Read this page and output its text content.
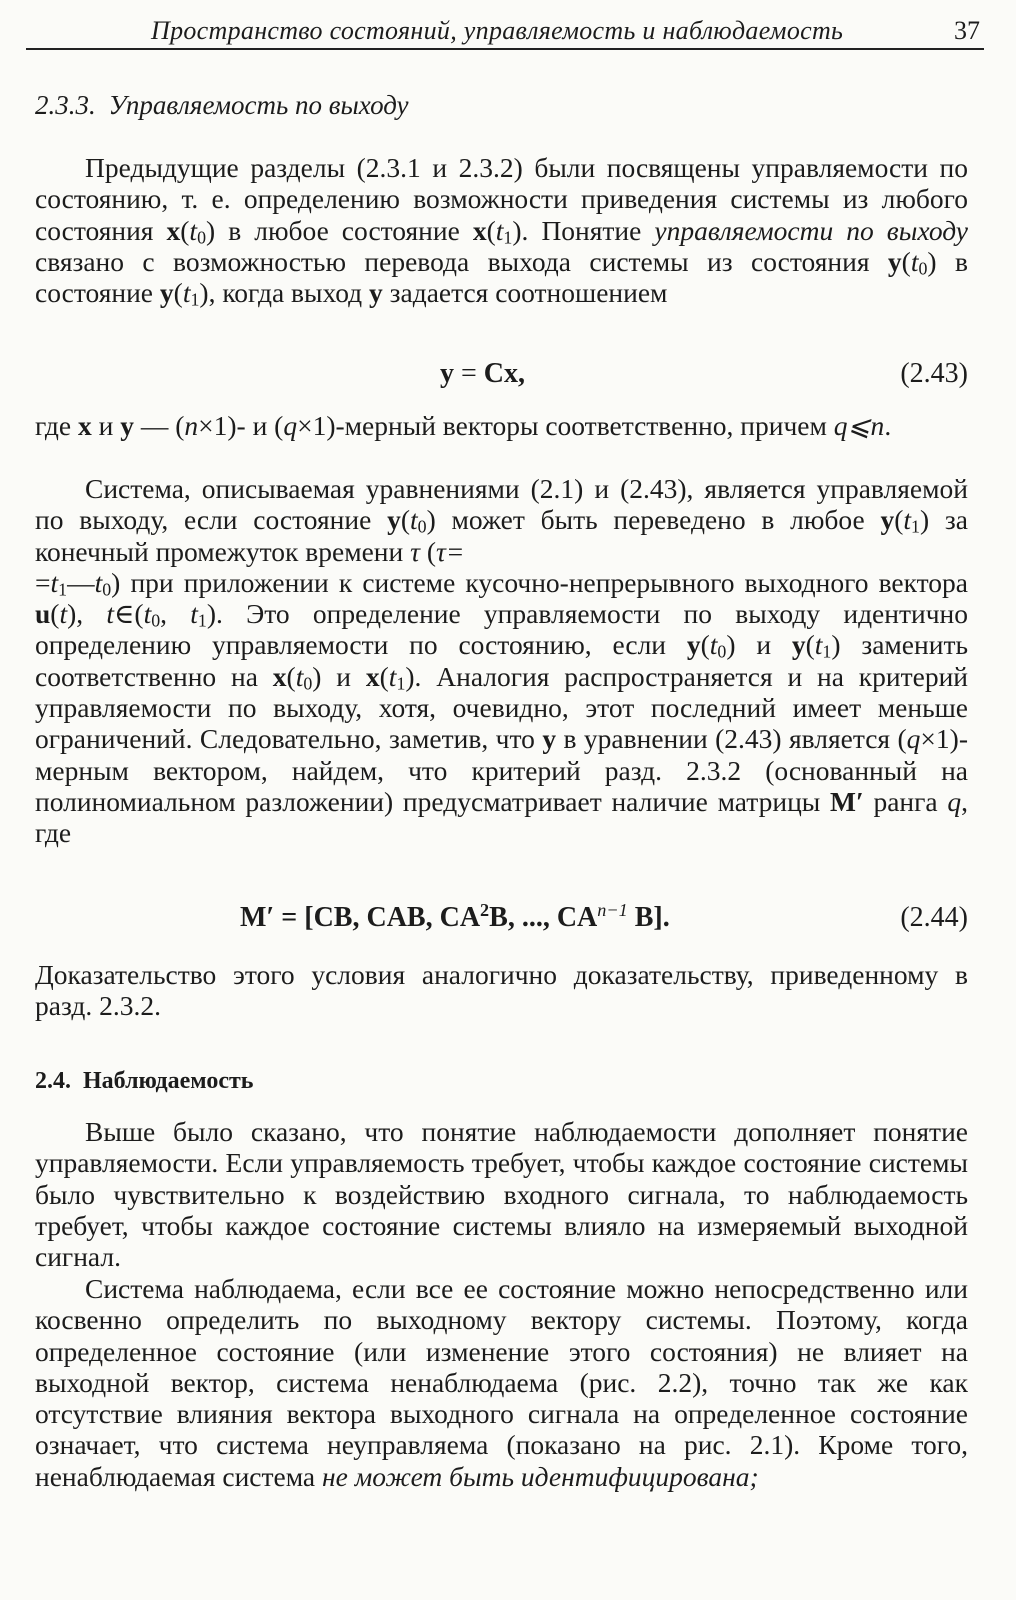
Пространство состояний, управляемость и наблюдаемость	37
2.3.3. Управляемость по выходу
Предыдущие разделы (2.3.1 и 2.3.2) были посвящены управляемости по состоянию, т. е. определению возможности приведения системы из любого состояния $x(t_0)$ в любое состояние $x(t_1)$. Понятие управляемости по выходу связано с возможностью перевода выхода системы из состояния $y(t_0)$ в состояние $y(t_1)$, когда выход y задается соотношением
y = Cx,	(2.43)
где x и y — (n×1)- и (q×1)-мерный векторы соответственно, причем q⩽n.
Система, описываемая уравнениями (2.1) и (2.43), является управляемой по выходу, если состояние $y(t_0)$ может быть переведено в любое $y(t_1)$ за конечный промежуток времени τ (τ=
$=t_1—t_0$) при приложении к системе кусочно-непрерывного выходного вектора u(t), $t\in(t_0$, $t_1$). Это определение управляемости по выходу идентично определению управляемости по состоянию, если $y(t_0)$ и $y(t_1)$ заменить соответственно на $x(t_0)$ и $x(t_1)$. Аналогия распространяется и на критерий управляемости по выходу, хотя, очевидно, этот последний имеет меньше ограничений. Следовательно, заметив, что y в уравнении (2.43) является (q×1)-мерным вектором, найдем, что критерий разд. 2.3.2 (основанный на полиномиальном разложении) предусматривает наличие матрицы M′ ранга q, где
M′ = [CB, CAB, $CA^2B$, ..., $CA^{n-1}$ B].	(2.44)
Доказательство этого условия аналогично доказательству, приведенному в разд. 2.3.2.
2.4. Наблюдаемость
Выше было сказано, что понятие наблюдаемости дополняет понятие управляемости. Если управляемость требует, чтобы каждое состояние системы было чувствительно к воздействию входного сигнала, то наблюдаемость требует, чтобы каждое состояние системы влияло на измеряемый выходной сигнал.
Система наблюдаема, если все ее состояние можно непосредственно или косвенно определить по выходному вектору системы. Поэтому, когда определенное состояние (или изменение этого состояния) не влияет на выходной вектор, система ненаблюдаема (рис. 2.2), точно так же как отсутствие влияния вектора выходного сигнала на определенное состояние означает, что система неуправляема (показано на рис. 2.1). Кроме того, ненаблюдаемая система не может быть идентифицирована;
